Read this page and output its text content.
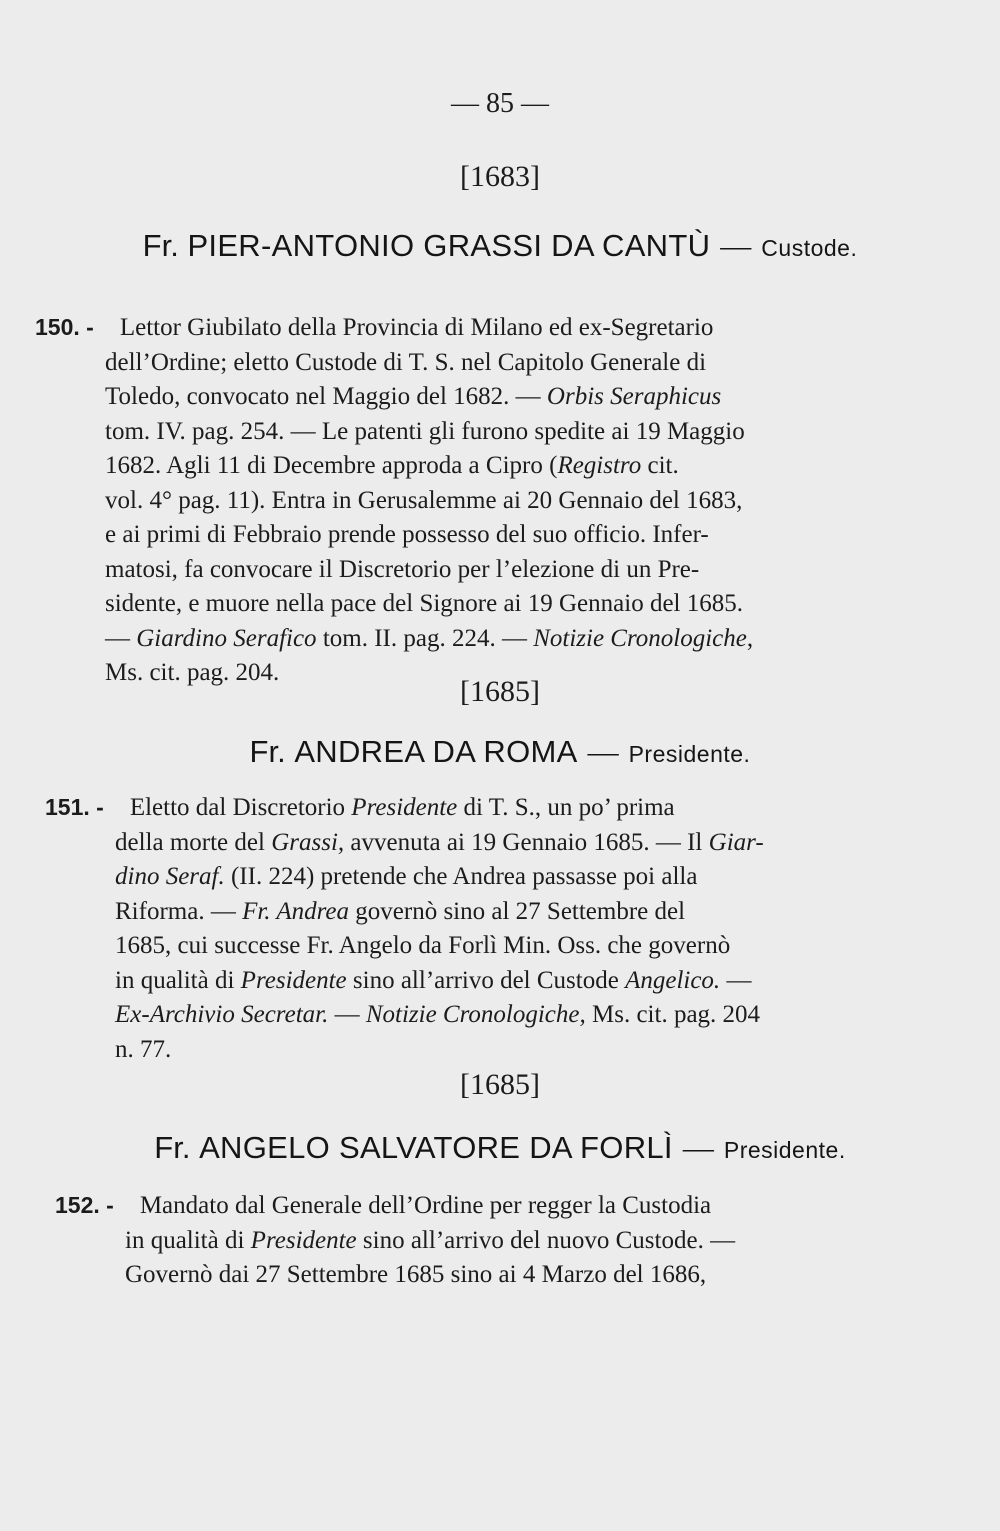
— 85 —
[1683]
Fr. PIER-ANTONIO GRASSI DA CANTÙ — Custode.
150. - Lettor Giubilato della Provincia di Milano ed ex-Segretario
dell’Ordine; eletto Custode di T. S. nel Capitolo Generale di
Toledo, convocato nel Maggio del 1682. — Orbis Seraphicus
tom. IV. pag. 254. — Le patenti gli furono spedite ai 19 Maggio
1682. Agli 11 di Decembre approda a Cipro (Registro cit.
vol. 4° pag. 11). Entra in Gerusalemme ai 20 Gennaio del 1683,
e ai primi di Febbraio prende possesso del suo officio. Infer-
matosi, fa convocare il Discretorio per l’elezione di un Pre-
sidente, e muore nella pace del Signore ai 19 Gennaio del 1685.
— Giardino Serafico tom. II. pag. 224. — Notizie Cronologiche,
Ms. cit. pag. 204.
[1685]
Fr. ANDREA DA ROMA — Presidente.
151. - Eletto dal Discretorio Presidente di T. S., un po’ prima
della morte del Grassi, avvenuta ai 19 Gennaio 1685. — Il Giar-
dino Seraf. (II. 224) pretende che Andrea passasse poi alla
Riforma. — Fr. Andrea governò sino al 27 Settembre del
1685, cui successe Fr. Angelo da Forlì Min. Oss. che governò
in qualità di Presidente sino all’arrivo del Custode Angelico. —
Ex-Archivio Secretar. — Notizie Cronologiche, Ms. cit. pag. 204
n. 77.
[1685]
Fr. ANGELO SALVATORE DA FORLÌ — Presidente.
152. - Mandato dal Generale dell’Ordine per regger la Custodia
in qualità di Presidente sino all’arrivo del nuovo Custode. —
Governò dai 27 Settembre 1685 sino ai 4 Marzo del 1686,
